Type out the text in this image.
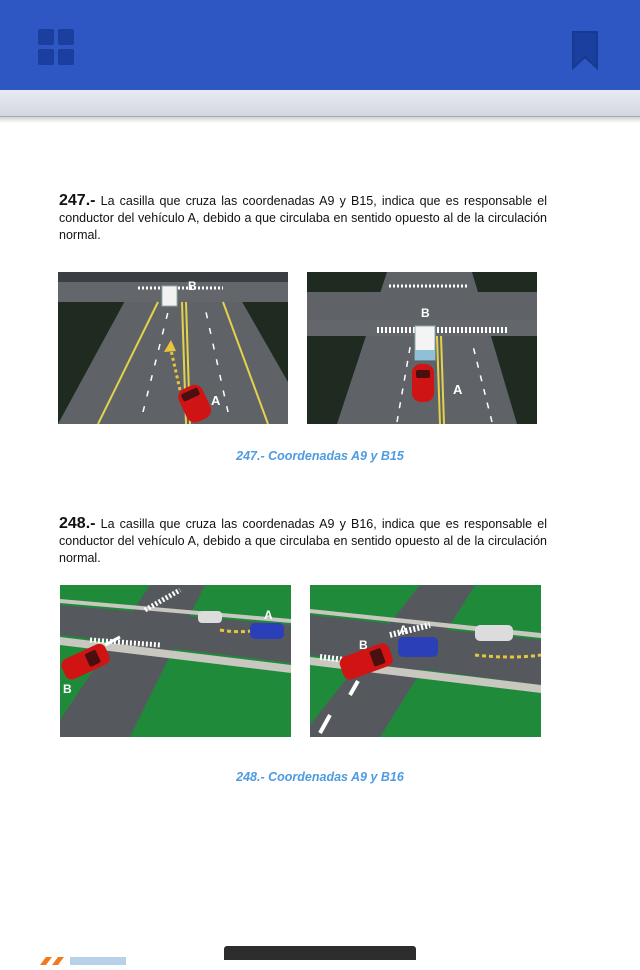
247.- La casilla que cruza las coordenadas A9 y B15, indica que es responsable el conductor del vehículo A, debido a que circulaba en sentido opuesto al de la circulación normal.
B
A
B
A
247.- Coordenadas A9 y B15
248.- La casilla que cruza las coordenadas A9 y B16, indica que es responsable el conductor del vehículo A, debido a que circulaba en sentido opuesto al de la circulación normal.
A
B
B
A
248.- Coordenadas A9 y B16
